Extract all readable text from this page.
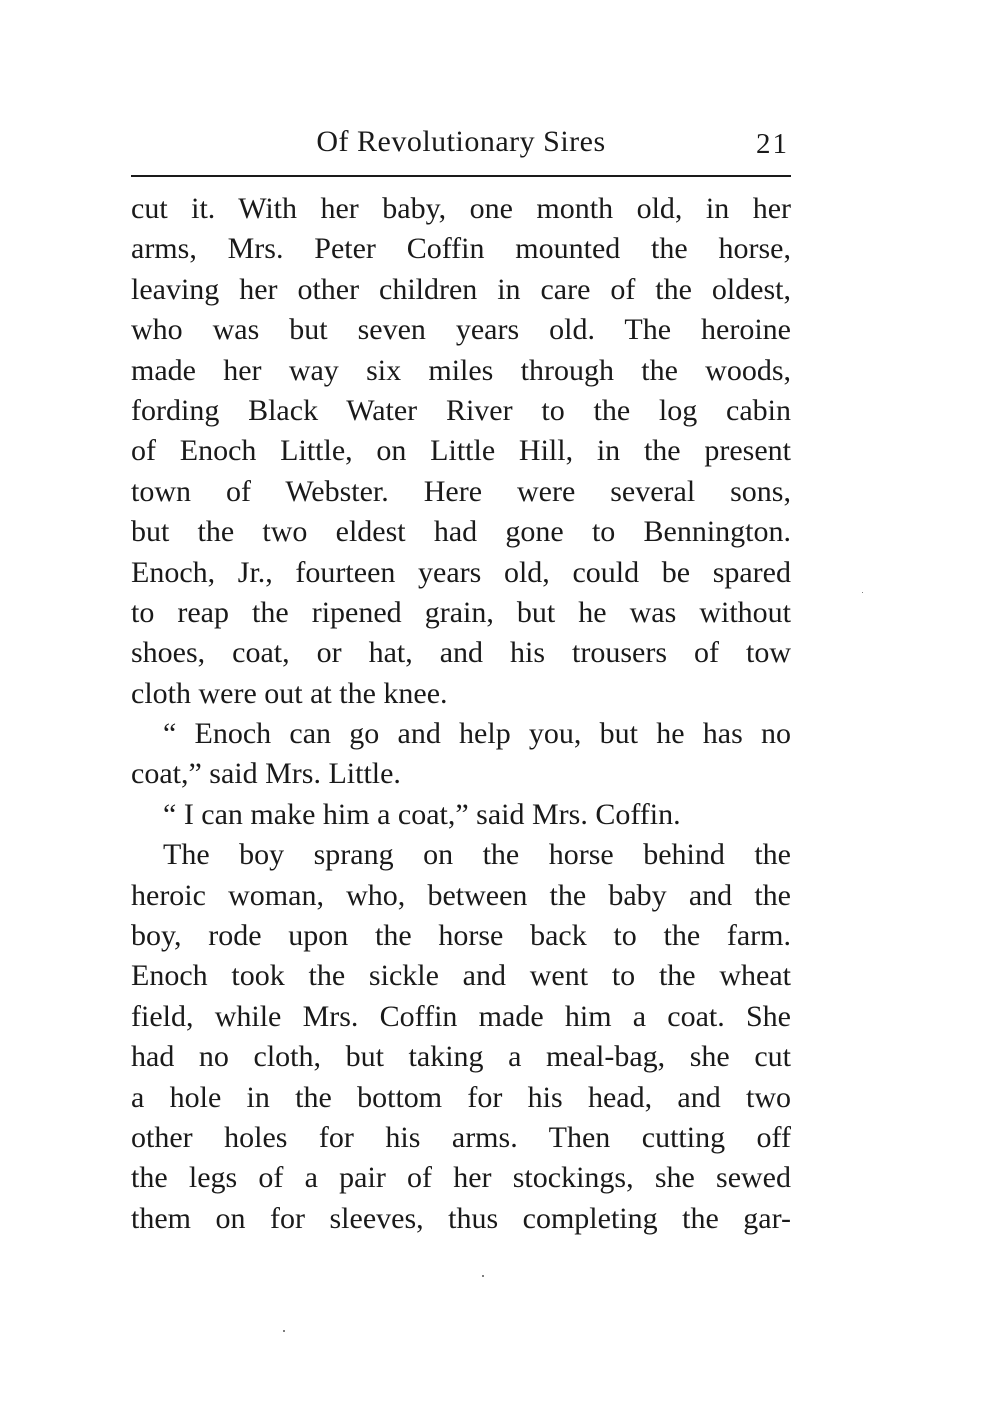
Of Revolutionary Sires	21
cut it. With her baby, one month old, in her
arms, Mrs. Peter Coffin mounted the horse,
leaving her other children in care of the oldest,
who was but seven years old. The heroine
made her way six miles through the woods,
fording Black Water River to the log cabin
of Enoch Little, on Little Hill, in the present
town of Webster. Here were several sons,
but the two eldest had gone to Bennington.
Enoch, Jr., fourteen years old, could be spared
to reap the ripened grain, but he was without
shoes, coat, or hat, and his trousers of tow
cloth were out at the knee.
“ Enoch can go and help you, but he has no
coat,” said Mrs. Little.
“ I can make him a coat,” said Mrs. Coffin.
The boy sprang on the horse behind the
heroic woman, who, between the baby and the
boy, rode upon the horse back to the farm.
Enoch took the sickle and went to the wheat
field, while Mrs. Coffin made him a coat. She
had no cloth, but taking a meal-bag, she cut
a hole in the bottom for his head, and two
other holes for his arms. Then cutting off
the legs of a pair of her stockings, she sewed
them on for sleeves, thus completing the gar-
